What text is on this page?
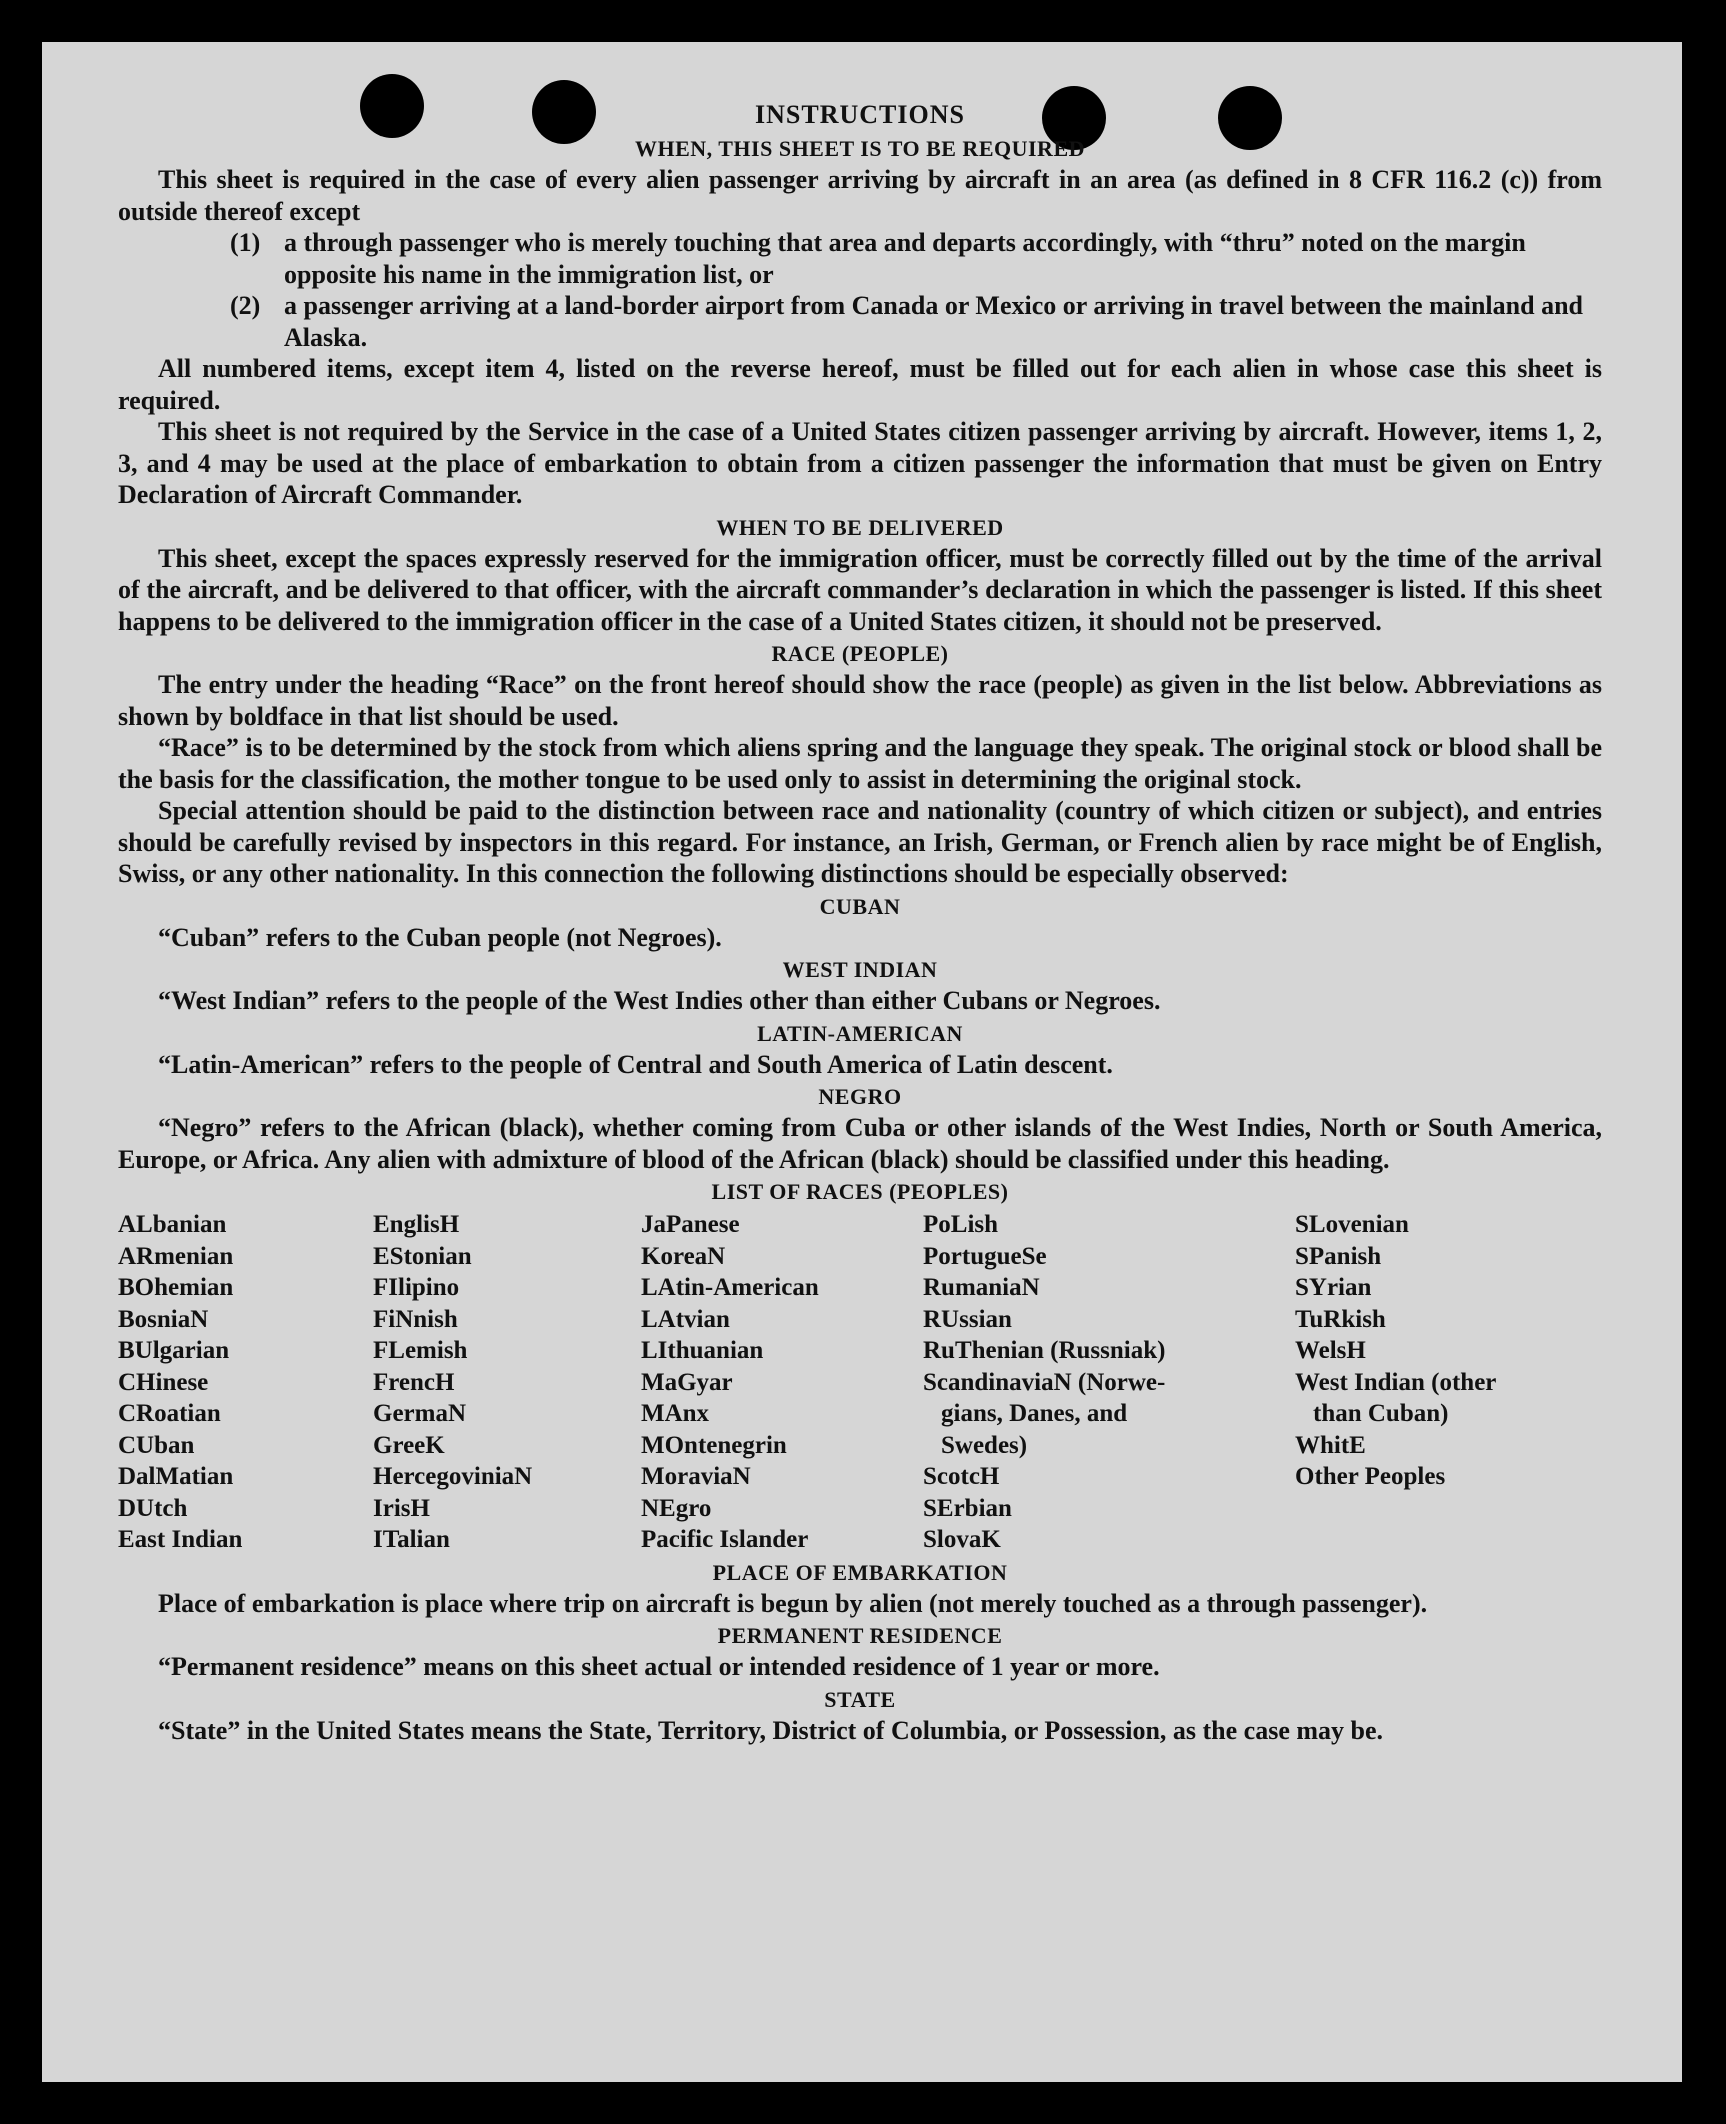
INSTRUCTIONS
WHEN, THIS SHEET IS TO BE REQUIRED

This sheet is required in the case of every alien passenger arriving by aircraft in an area (as defined in 8 CFR 116.2 (c)) from outside thereof except

(1) a through passenger who is merely touching that area and departs accordingly, with “thru” noted on the margin opposite his name in the immigration list, or
(2) a passenger arriving at a land-border airport from Canada or Mexico or arriving in travel between the mainland and Alaska.

All numbered items, except item 4, listed on the reverse hereof, must be filled out for each alien in whose case this sheet is required.

This sheet is not required by the Service in the case of a United States citizen passenger arriving by aircraft. However, items 1, 2, 3, and 4 may be used at the place of embarkation to obtain from a citizen passenger the information that must be given on Entry Declaration of Aircraft Commander.

WHEN TO BE DELIVERED

This sheet, except the spaces expressly reserved for the immigration officer, must be correctly filled out by the time of the arrival of the aircraft, and be delivered to that officer, with the aircraft commander’s declaration in which the passenger is listed. If this sheet happens to be delivered to the immigration officer in the case of a United States citizen, it should not be preserved.

RACE (PEOPLE)

The entry under the heading “Race” on the front hereof should show the race (people) as given in the list below. Abbreviations as shown by boldface in that list should be used.

“Race” is to be determined by the stock from which aliens spring and the language they speak. The original stock or blood shall be the basis for the classification, the mother tongue to be used only to assist in determining the original stock.

Special attention should be paid to the distinction between race and nationality (country of which citizen or subject), and entries should be carefully revised by inspectors in this regard. For instance, an Irish, German, or French alien by race might be of English, Swiss, or any other nationality. In this connection the following distinctions should be especially observed:

CUBAN

“Cuban” refers to the Cuban people (not Negroes).

WEST INDIAN

“West Indian” refers to the people of the West Indies other than either Cubans or Negroes.

LATIN-AMERICAN

“Latin-American” refers to the people of Central and South America of Latin descent.

NEGRO

“Negro” refers to the African (black), whether coming from Cuba or other islands of the West Indies, North or South America, Europe, or Africa. Any alien with admixture of blood of the African (black) should be classified under this heading.

LIST OF RACES (PEOPLES)
ALbanian
ARmenian
BOhemian
BosniaN
BUlgarian
CHinese
CRoatian
CUban
DalMatian
DUtch
East Indian
EnglisH
EStonian
FIlipino
FiNnish
FLemish
FrencH
GermaN
GreeK
HercegoviniaN
IrisH
ITalian
JaPanese
KoreaN
LAtin-American
LAtvian
LIthuanian
MaGyar
MAnx
MOntenegrin
MoraviaN
NEgro
Pacific Islander
PoLish
PortugueSe
RumaniaN
RUssian
RuThenian (Russniak)
ScandinaviaN (Norwe-
gians, Danes, and
Swedes)
ScotcH
SErbian
SlovaK
SLovenian
SPanish
SYrian
TuRkish
WelsH
West Indian (other
than Cuban)
WhitE
Other Peoples
PLACE OF EMBARKATION

Place of embarkation is place where trip on aircraft is begun by alien (not merely touched as a through passenger).

PERMANENT RESIDENCE

“Permanent residence” means on this sheet actual or intended residence of 1 year or more.

STATE

“State” in the United States means the State, Territory, District of Columbia, or Possession, as the case may be.
